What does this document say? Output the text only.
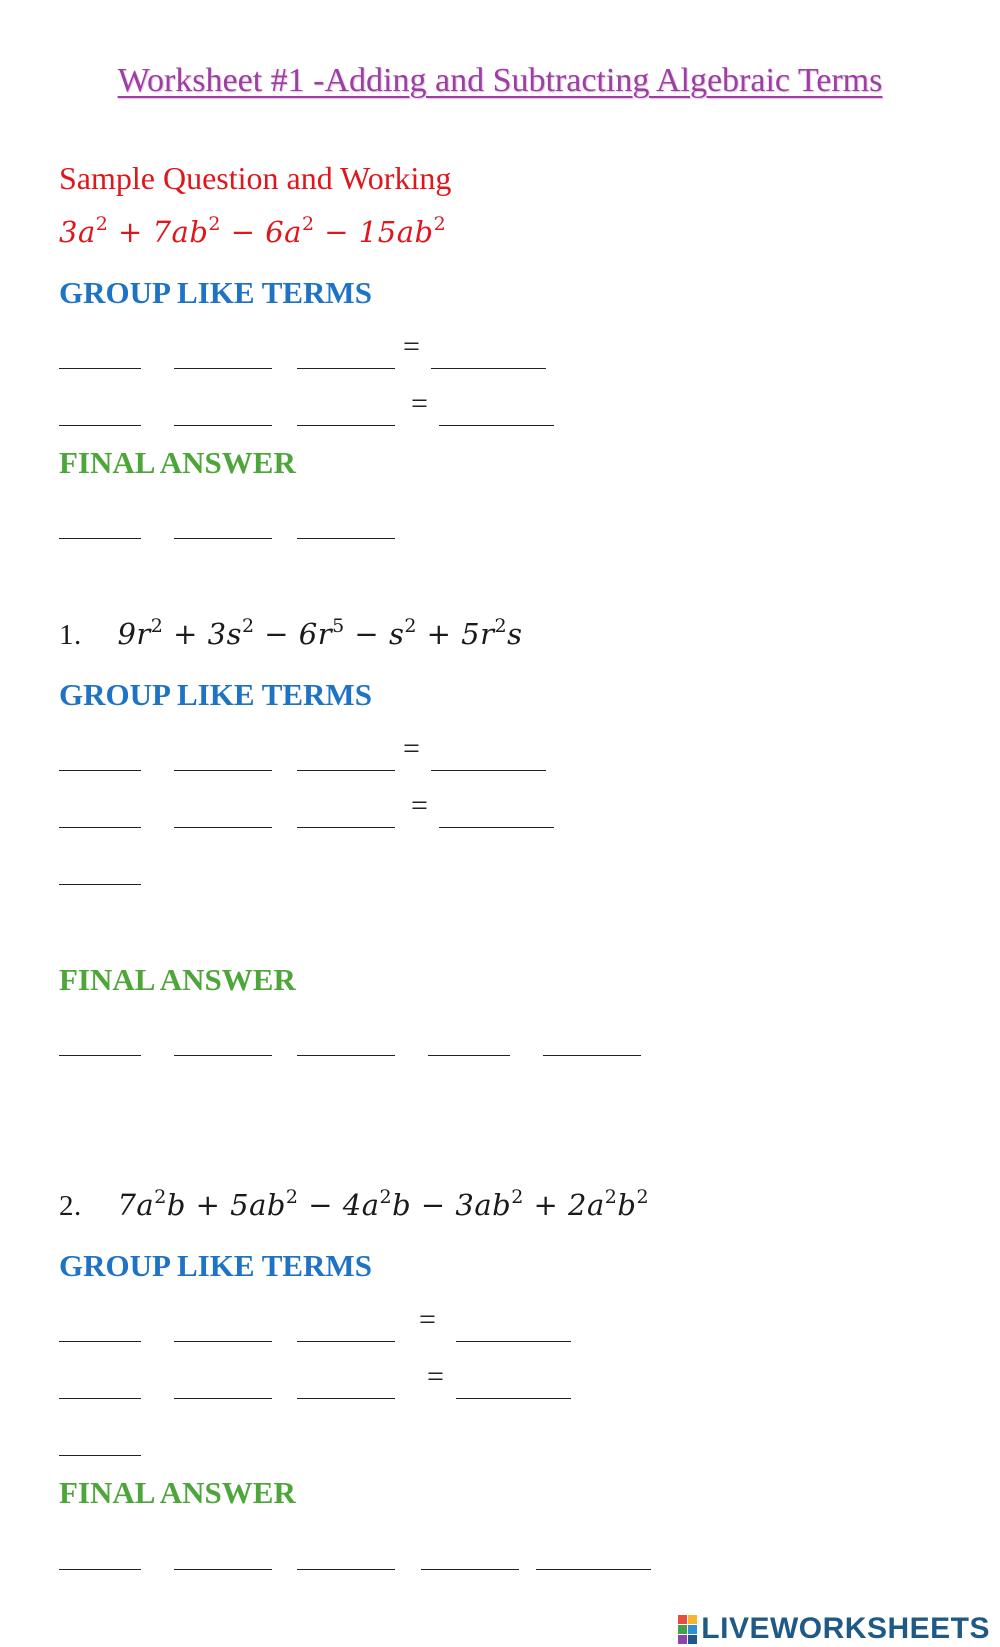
Worksheet #1 -Adding and Subtracting Algebraic Terms
Sample Question and Working
$3a^2 + 7ab^2 - 6a^2 - 15ab^2$
GROUP LIKE TERMS
=
=
FINAL ANSWER
1. $9r^2 + 3s^2 - 6r^5 - s^2 + 5r^2s$
GROUP LIKE TERMS
=
=
FINAL ANSWER
2. $7a^2b + 5ab^2 - 4a^2b - 3ab^2 + 2a^2b^2$
GROUP LIKE TERMS
=
=
FINAL ANSWER
LIVEWORKSHEETS
